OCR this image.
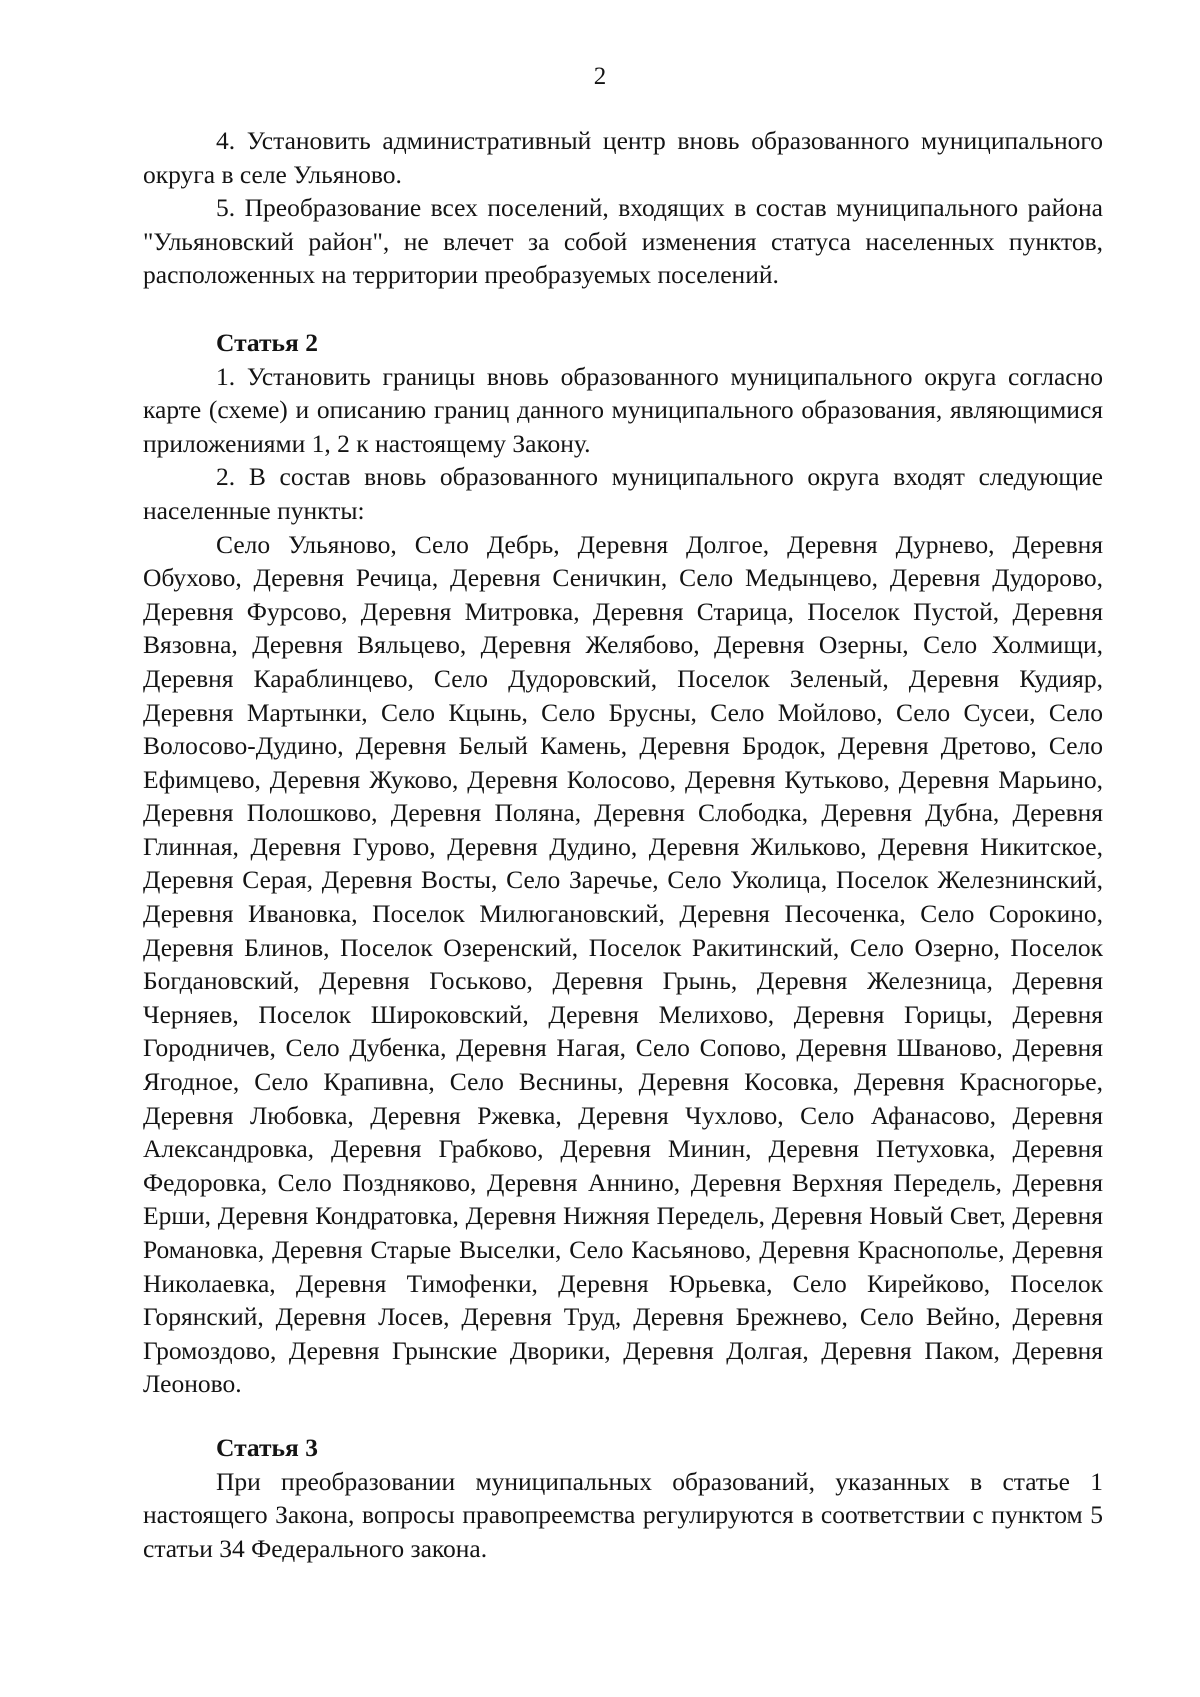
2

4. Установить административный центр вновь образованного муниципального округа в селе Ульяново.

5. Преобразование всех поселений, входящих в состав муниципального района "Ульяновский район", не влечет за собой изменения статуса населенных пунктов, расположенных на территории преобразуемых поселений.

Статья 2

1. Установить границы вновь образованного муниципального округа согласно карте (схеме) и описанию границ данного муниципального образования, являющимися приложениями 1, 2 к настоящему Закону.

2. В состав вновь образованного муниципального округа входят следующие населенные пункты:

Село Ульяново, Село Дебрь, Деревня Долгое, Деревня Дурнево, Деревня Обухово, Деревня Речица, Деревня Сеничкин, Село Медынцево, Деревня Дудорово, Деревня Фурсово, Деревня Митровка, Деревня Старица, Поселок Пустой, Деревня Вязовна, Деревня Вяльцево, Деревня Желябово, Деревня Озерны, Село Холмищи, Деревня Караблинцево, Село Дудоровский, Поселок Зеленый, Деревня Кудияр, Деревня Мартынки, Село Кцынь, Село Брусны, Село Мойлово, Село Сусеи, Село Волосово-Дудино, Деревня Белый Камень, Деревня Бродок, Деревня Дретово, Село Ефимцево, Деревня Жуково, Деревня Колосово, Деревня Кутьково, Деревня Марьино, Деревня Полошково, Деревня Поляна, Деревня Слободка, Деревня Дубна, Деревня Глинная, Деревня Гурово, Деревня Дудино, Деревня Жильково, Деревня Никитское, Деревня Серая, Деревня Восты, Село Заречье, Село Уколица, Поселок Железнинский, Деревня Ивановка, Поселок Милюгановский, Деревня Песоченка, Село Сорокино, Деревня Блинов, Поселок Озеренский, Поселок Ракитинский, Село Озерно, Поселок Богдановский, Деревня Госьково, Деревня Грынь, Деревня Железница, Деревня Черняев, Поселок Широковский, Деревня Мелихово, Деревня Горицы, Деревня Городничев, Село Дубенка, Деревня Нагая, Село Сопово, Деревня Шваново, Деревня Ягодное, Село Крапивна, Село Веснины, Деревня Косовка, Деревня Красногорье, Деревня Любовка, Деревня Ржевка, Деревня Чухлово, Село Афанасово, Деревня Александровка, Деревня Грабково, Деревня Минин, Деревня Петуховка, Деревня Федоровка, Село Поздняково, Деревня Аннино, Деревня Верхняя Передель, Деревня Ерши, Деревня Кондратовка, Деревня Нижняя Передель, Деревня Новый Свет, Деревня Романовка, Деревня Старые Выселки, Село Касьяново, Деревня Краснополье, Деревня Николаевка, Деревня Тимофенки, Деревня Юрьевка, Село Кирейково, Поселок Горянский, Деревня Лосев, Деревня Труд, Деревня Брежнево, Село Вейно, Деревня Громоздово, Деревня Грынские Дворики, Деревня Долгая, Деревня Паком, Деревня Леоново.

Статья 3

При преобразовании муниципальных образований, указанных в статье 1 настоящего Закона, вопросы правопреемства регулируются в соответствии с пунктом 5 статьи 34 Федерального закона.
